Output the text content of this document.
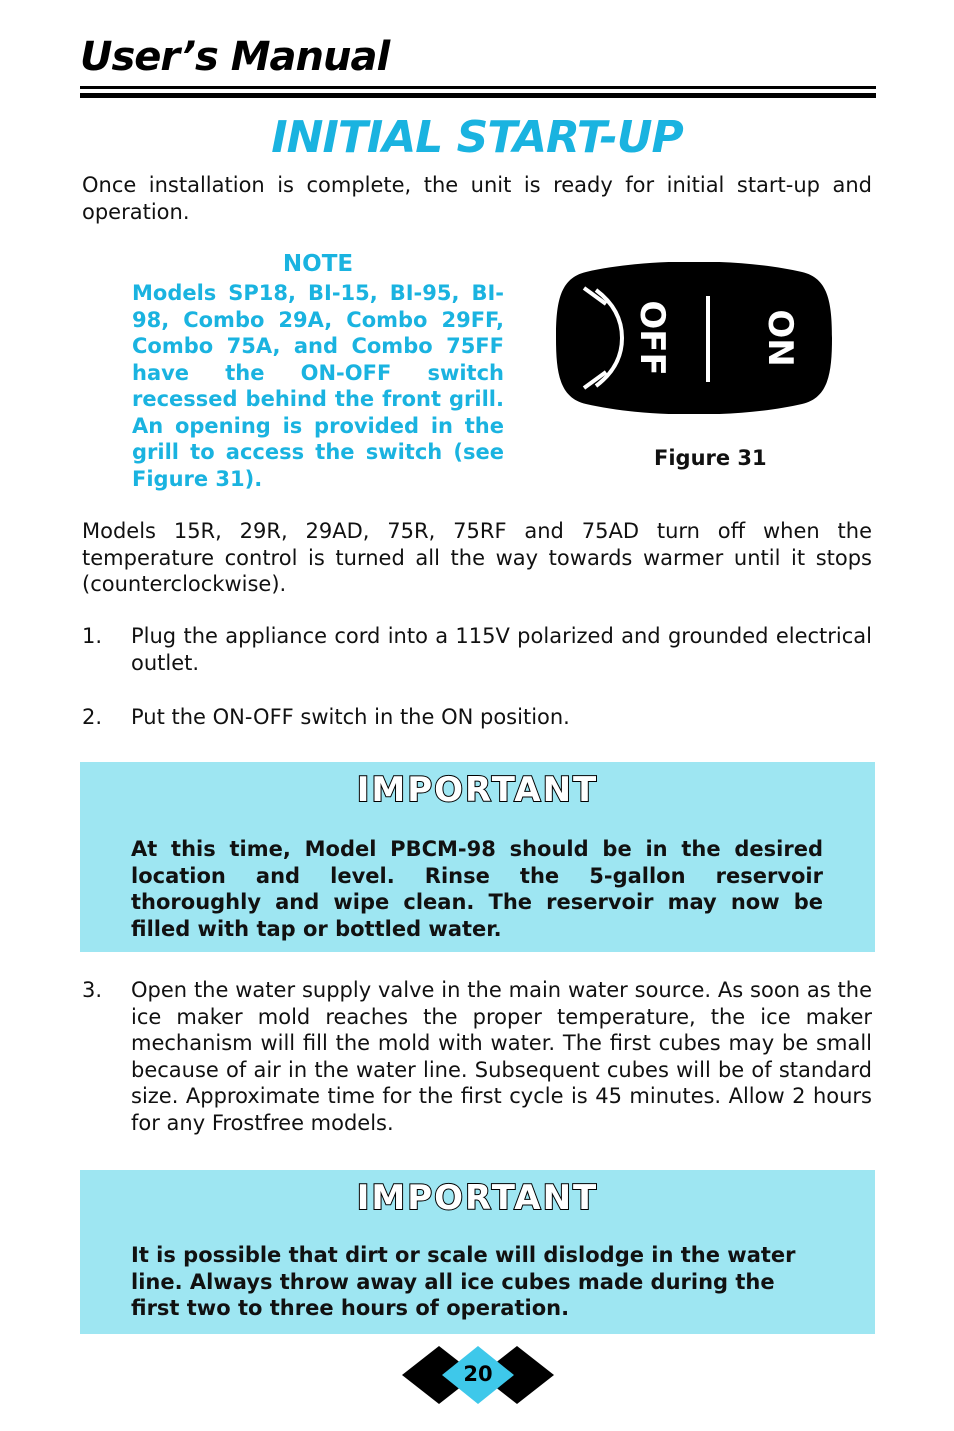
User’s Manual
INITIAL START-UP
Once installation is complete, the unit is ready for initial start-up and operation.
NOTE
Models SP18, BI-15, BI-95, BI-98, Combo 29A, Combo 29FF, Combo 75A, and Combo 75FF have the ON-OFF switch recessed behind the front grill. An opening is provided in the grill to access the switch (see Figure 31).
OFF	ON
Figure 31
Models 15R, 29R, 29AD, 75R, 75RF and 75AD turn off when the temperature control is turned all the way towards warmer until it stops (counterclockwise).
1. Plug the appliance cord into a 115V polarized and grounded electrical outlet.
2. Put the ON-OFF switch in the ON position.
IMPORTANT
At this time, Model PBCM-98 should be in the desired location and level. Rinse the 5-gallon reservoir thoroughly and wipe clean. The reservoir may now be filled with tap or bottled water.
3. Open the water supply valve in the main water source. As soon as the ice maker mold reaches the proper temperature, the ice maker mechanism will fill the mold with water. The first cubes may be small because of air in the water line. Subsequent cubes will be of standard size. Approximate time for the first cycle is 45 minutes. Allow 2 hours for any Frostfree models.
IMPORTANT
It is possible that dirt or scale will dislodge in the water line. Always throw away all ice cubes made during the first two to three hours of operation.
20
